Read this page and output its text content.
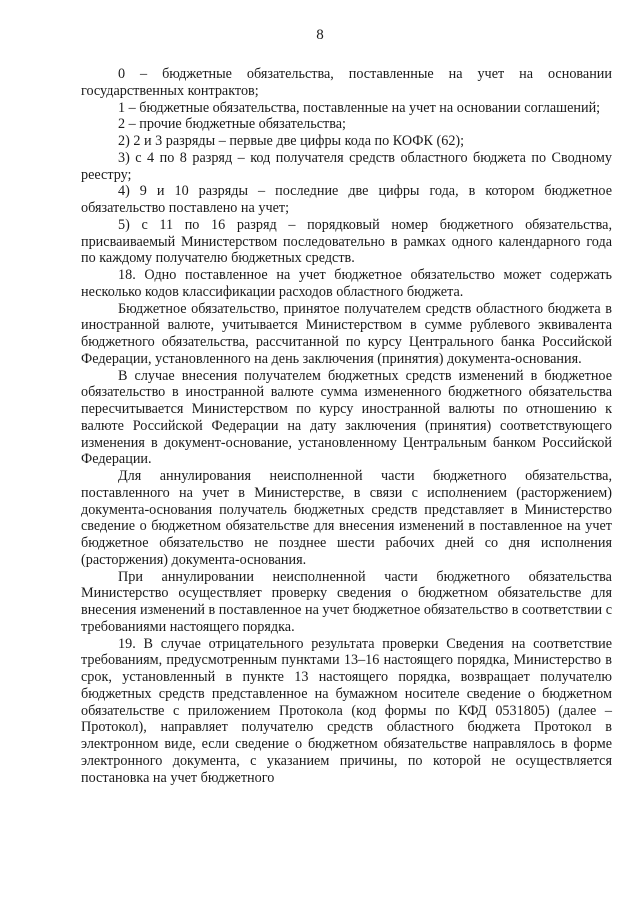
8

0 – бюджетные обязательства, поставленные на учет на основании государственных контрактов;

1 – бюджетные обязательства, поставленные на учет на основании соглашений;

2 – прочие бюджетные обязательства;

2) 2 и 3 разряды – первые две цифры кода по КОФК (62);

3) с 4 по 8 разряд – код получателя средств областного бюджета по Сводному реестру;

4) 9 и 10 разряды – последние две цифры года, в котором бюджетное обязательство поставлено на учет;

5) с 11 по 16 разряд – порядковый номер бюджетного обязательства, присваиваемый Министерством последовательно в рамках одного календарного года по каждому получателю бюджетных средств.

18. Одно поставленное на учет бюджетное обязательство может содержать несколько кодов классификации расходов областного бюджета.

Бюджетное обязательство, принятое получателем средств областного бюджета в иностранной валюте, учитывается Министерством в сумме рублевого эквивалента бюджетного обязательства, рассчитанной по курсу Центрального банка Российской Федерации, установленного на день заключения (принятия) документа-основания.

В случае внесения получателем бюджетных средств изменений в бюджетное обязательство в иностранной валюте сумма измененного бюджетного обязательства пересчитывается Министерством по курсу иностранной валюты по отношению к валюте Российской Федерации на дату заключения (принятия) соответствующего изменения в документ-основание, установленному Центральным банком Российской Федерации.

Для аннулирования неисполненной части бюджетного обязательства, поставленного на учет в Министерстве, в связи с исполнением (расторжением) документа-основания получатель бюджетных средств представляет в Министерство сведение о бюджетном обязательстве для внесения изменений в поставленное на учет бюджетное обязательство не позднее шести рабочих дней со дня исполнения (расторжения) документа-основания.

При аннулировании неисполненной части бюджетного обязательства Министерство осуществляет проверку сведения о бюджетном обязательстве для внесения изменений в поставленное на учет бюджетное обязательство в соответствии с требованиями настоящего порядка.

19. В случае отрицательного результата проверки Сведения на соответствие требованиям, предусмотренным пунктами 13–16 настоящего порядка, Министерство в срок, установленный в пункте 13 настоящего порядка, возвращает получателю бюджетных средств представленное на бумажном носителе сведение о бюджетном обязательстве с приложением Протокола (код формы по КФД 0531805) (далее – Протокол), направляет получателю средств областного бюджета Протокол в электронном виде, если сведение о бюджетном обязательстве направлялось в форме электронного документа, с указанием причины, по которой не осуществляется постановка на учет бюджетного
